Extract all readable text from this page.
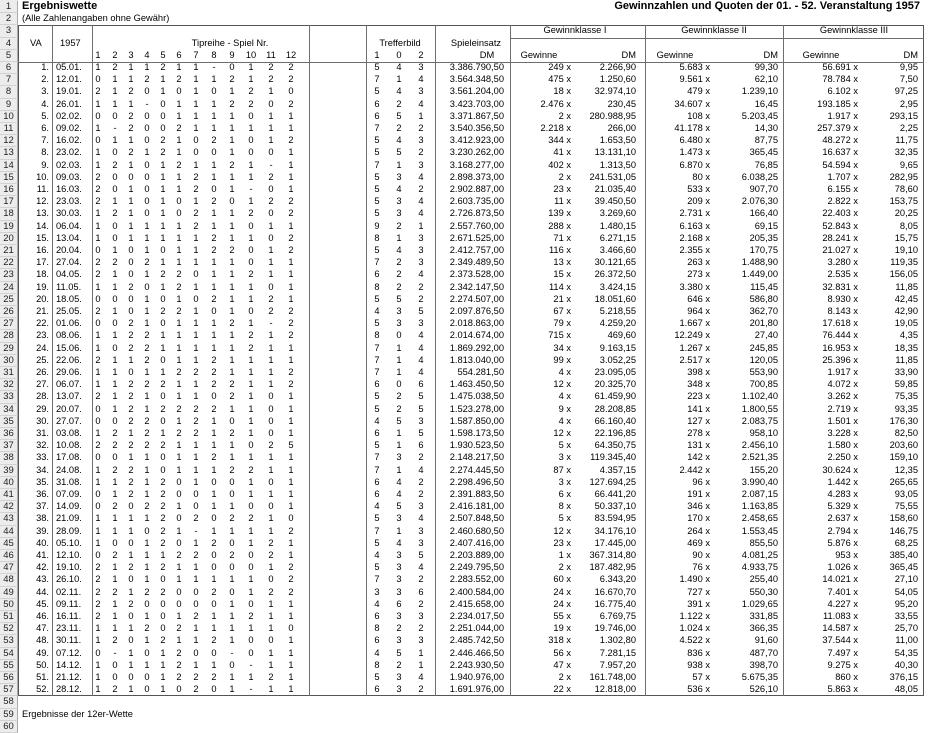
1 Ergebniswette	Gewinnzahlen und Quoten der 01. - 52. Veranstaltung 1957
2	(Alle Zahlenangaben ohne Gewähr)
3	Gewinnklasse I	Gewinnklasse II	Gewinnklasse III
4	VA	1957	Tipreihe - Spiel Nr.	Trefferbild	Spieleinsatz
5	1	2	3	4	5	6	7	8	9	10 11 12	1	0	2	DM	Gewinne	DM	Gewinne	DM	Gewinne	DM
6	1. 05.01.	1	2	1	1	2	1	1	-	0	1	2	2	5	4	3	3.386.790,50	249 x	2.266,90	5.683 x	99,30	56.691 x	9,95
7	2. 12.01.	0	1	1	2	1	2	1	1	2	1	2	2	7	1	4	3.564.348,50	475 x	1.250,60	9.561 x	62,10	78.784 x	7,50
8	3. 19.01.	2	1	2	0	1	0	1	0	1	2	1	0	5	4	3	3.561.204,00	18 x	32.974,10	479 x	1.239,10	6.102 x	97,25
9	4. 26.01.	1	1	1	-	0	1	1	1	2	2	0	2	6	2	4	3.423.703,00	2.476 x	230,45	34.607 x	16,45	193.185 x	2,95
10	5. 02.02.	0	0	2	0	0	1	1	1	1	0	1	1	6	5	1	3.371.867,50	2 x	280.988,95	108 x	5.203,45	1.917 x	293,15
11	6. 09.02.	1	-	2	0	0	2	1	1	1	1	1	1	7	2	2	3.540.356,50	2.218 x	266,00	41.178 x	14,30	257.379 x	2,25
12	7. 16.02.	0	1	1	0	2	1	0	2	1	0	1	2	5	4	3	3.412.923,00	344 x	1.653,50	6.480 x	87,75	48.272 x	11,75
13	8. 23.02.	1	0	2	1	2	1	0	0	1	0	0	1	5	5	2	3.230.262,00	41 x	13.131,10	1.473 x	365,45	16.637 x	32,35
14	9. 02.03.	1	2	1	0	1	2	1	1	2	1	-	1	7	1	3	3.168.277,00	402 x	1.313,50	6.870 x	76,85	54.594 x	9,65
15	10. 09.03.	2	0	0	0	1	1	2	1	1	1	2	1	5	3	4	2.898.373,00	2 x	241.531,05	80 x	6.038,25	1.707 x	282,95
16	11. 16.03.	2	0	1	0	1	1	2	0	1	-	0	1	5	4	2	2.902.887,00	23 x	21.035,40	533 x	907,70	6.155 x	78,60
17	12. 23.03.	2	1	1	0	1	0	1	2	0	1	2	2	5	3	4	2.603.735,00	11 x	39.450,50	209 x	2.076,30	2.822 x	153,75
18	13. 30.03.	1	2	1	0	1	0	2	1	1	2	0	2	5	3	4	2.726.873,50	139 x	3.269,60	2.731 x	166,40	22.403 x	20,25
19	14. 06.04.	1	0	1	1	1	1	2	1	1	0	1	1	9	2	1	2.557.760,00	288 x	1.480,15	6.163 x	69,15	52.843 x	8,05
20	15. 13.04.	1	0	1	1	1	1	1	2	1	1	0	2	8	1	3	2.671.525,00	71 x	6.271,15	2.168 x	205,35	28.241 x	15,75
21	16. 20.04.	0	1	0	1	0	1	1	2	2	0	1	2	5	4	3	2.412.757,00	116 x	3.466,60	2.355 x	170,75	21.027 x	19,10
22	17. 27.04.	2	2	0	2	1	1	1	1	1	0	1	1	7	2	3	2.349.489,50	13 x	30.121,65	263 x	1.488,90	3.280 x	119,35
23	18. 04.05.	2	1	0	1	2	2	0	1	1	2	1	1	6	2	4	2.373.528,00	15 x	26.372,50	273 x	1.449,00	2.535 x	156,05
24	19. 11.05.	1	1	2	0	1	2	1	1	1	1	0	1	8	2	2	2.342.147,50	114 x	3.424,15	3.380 x	115,45	32.831 x	11,85
25	20. 18.05.	0	0	0	1	0	1	0	2	1	1	2	1	5	5	2	2.274.507,00	21 x	18.051,60	646 x	586,80	8.930 x	42,45
26	21. 25.05.	2	1	0	1	2	2	1	0	1	0	2	2	4	3	5	2.097.876,50	67 x	5.218,55	964 x	362,70	8.143 x	42,90
27	22. 01.06.	0	0	2	1	0	1	1	1	2	1	-	2	5	3	3	2.018.863,00	79 x	4.259,20	1.667 x	201,80	17.618 x	19,05
28	23. 08.06.	1	1	2	2	1	1	1	1	1	2	1	2	8	0	4	2.014.674,00	715 x	469,60	12.249 x	27,40	76.444 x	4,35
29	24. 15.06.	1	0	2	2	1	1	1	1	1	2	1	1	7	1	4	1.869.292,00	34 x	9.163,15	1.267 x	245,85	16.953 x	18,35
30	25. 22.06.	2	1	1	2	0	1	1	2	1	1	1	1	7	1	4	1.813.040,00	99 x	3.052,25	2.517 x	120,05	25.396 x	11,85
31	26. 29.06.	1	1	0	1	1	2	2	2	1	1	1	2	7	1	4	554.281,50	4 x	23.095,05	398 x	553,90	1.917 x	33,90
32	27. 06.07.	1	1	2	2	2	1	1	2	2	1	1	2	6	0	6	1.463.450,50	12 x	20.325,70	348 x	700,85	4.072 x	59,85
33	28. 13.07.	2	1	2	1	0	1	1	0	2	1	0	1	5	2	5	1.475.038,50	4 x	61.459,90	223 x	1.102,40	3.262 x	75,35
34	29. 20.07.	0	1	2	1	2	2	2	2	1	1	0	1	5	2	5	1.523.278,00	9 x	28.208,85	141 x	1.800,55	2.719 x	93,35
35	30. 27.07.	0	0	2	2	0	1	2	1	0	1	0	1	4	5	3	1.587.850,00	4 x	66.160,40	127 x	2.083,75	1.501 x	176,30
36	31. 03.08.	1	2	1	2	1	2	2	1	2	1	0	1	6	1	5	1.598.173,50	12 x	22.196,85	278 x	958,10	3.228 x	82,50
37	32. 10.08.	2	2	2	2	2	1	1	1	1	0	2	5	5	1	6	1.930.523,50	5 x	64.350,75	131 x	2.456,10	1.580 x	203,60
38	33. 17.08.	0	0	1	1	0	1	1	2	1	1	1	1	7	3	2	2.148.217,50	3 x	119.345,40	142 x	2.521,35	2.250 x	159,10
39	34. 24.08.	1	2	2	1	0	1	1	1	2	2	1	1	7	1	4	2.274.445,50	87 x	4.357,15	2.442 x	155,20	30.624 x	12,35
40	35. 31.08.	1	1	2	1	2	0	1	0	0	1	0	1	6	4	2	2.298.496,50	3 x	127.694,25	96 x	3.990,40	1.442 x	265,65
41	36. 07.09.	0	1	2	1	2	0	0	1	0	1	1	1	6	4	2	2.391.883,50	6 x	66.441,20	191 x	2.087,15	4.283 x	93,05
42	37. 14.09.	0	2	0	2	2	1	0	1	1	0	0	1	4	5	3	2.416.181,00	8 x	50.337,10	346 x	1.163,85	5.329 x	75,55
43	38. 21.09.	1	1	1	1	2	0	2	0	2	2	1	0	5	3	4	2.507.848,50	5 x	83.594,95	170 x	2.458,65	2.637 x	158,60
44	39. 28.09.	1	1	1	0	2	1	-	1	1	1	1	2	7	1	3	2.460.680,50	12 x	34.176,10	264 x	1.553,45	2.794 x	146,75
45	40. 05.10.	1	0	0	1	2	0	1	2	0	1	2	1	5	4	3	2.407.416,00	23 x	17.445,00	469 x	855,50	5.876 x	68,25
46	41. 12.10.	0	2	1	1	1	2	2	0	2	0	2	1	4	3	5	2.203.889,00	1 x	367.314,80	90 x	4.081,25	953 x	385,40
47	42. 19.10.	2	1	2	1	2	1	1	0	0	0	1	2	5	3	4	2.249.795,50	2 x	187.482,95	76 x	4.933,75	1.026 x	365,45
48	43. 26.10.	2	1	0	1	0	1	1	1	1	1	0	2	7	3	2	2.283.552,00	60 x	6.343,20	1.490 x	255,40	14.021 x	27,10
49	44. 02.11.	2	2	1	2	2	0	0	2	0	1	2	2	3	3	6	2.400.584,00	24 x	16.670,70	727 x	550,30	7.401 x	54,05
50	45. 09.11.	2	1	2	0	0	0	0	0	1	0	1	1	4	6	2	2.415.658,00	24 x	16.775,40	391 x	1.029,65	4.227 x	95,20
51	46. 16.11.	2	1	0	1	0	1	2	1	1	2	1	1	6	3	3	2.234.017,50	55 x	6.769,75	1.122 x	331,85	11.083 x	33,55
52	47. 23.11.	1	1	1	2	0	2	1	1	1	1	1	0	8	2	2	2.251.044,00	19 x	19.746,00	1.024 x	366,35	14.587 x	25,70
53	48. 30.11.	1	2	0	1	2	1	1	2	1	0	0	1	6	3	3	2.485.742,50	318 x	1.302,80	4.522 x	91,60	37.544 x	11,00
54	49. 07.12.	0	-	1	0	1	2	0	0	-	0	1	1	4	5	1	2.446.466,50	56 x	7.281,15	836 x	487,70	7.497 x	54,35
55	50. 14.12.	1	0	1	1	1	2	1	1	0	-	1	1	8	2	1	2.243.930,50	47 x	7.957,20	938 x	398,70	9.275 x	40,30
56	51. 21.12.	1	0	0	0	1	2	2	2	1	1	2	1	5	3	4	1.940.976,00	2 x	161.748,00	57 x	5.675,35	860 x	376,15
57	52. 28.12.	1	2	1	0	1	0	2	0	1	-	1	1	6	3	2	1.691.976,00	22 x	12.818,00	536 x	526,10	5.863 x	48,05
58
59 Ergebnisse der 12er-Wette
60
